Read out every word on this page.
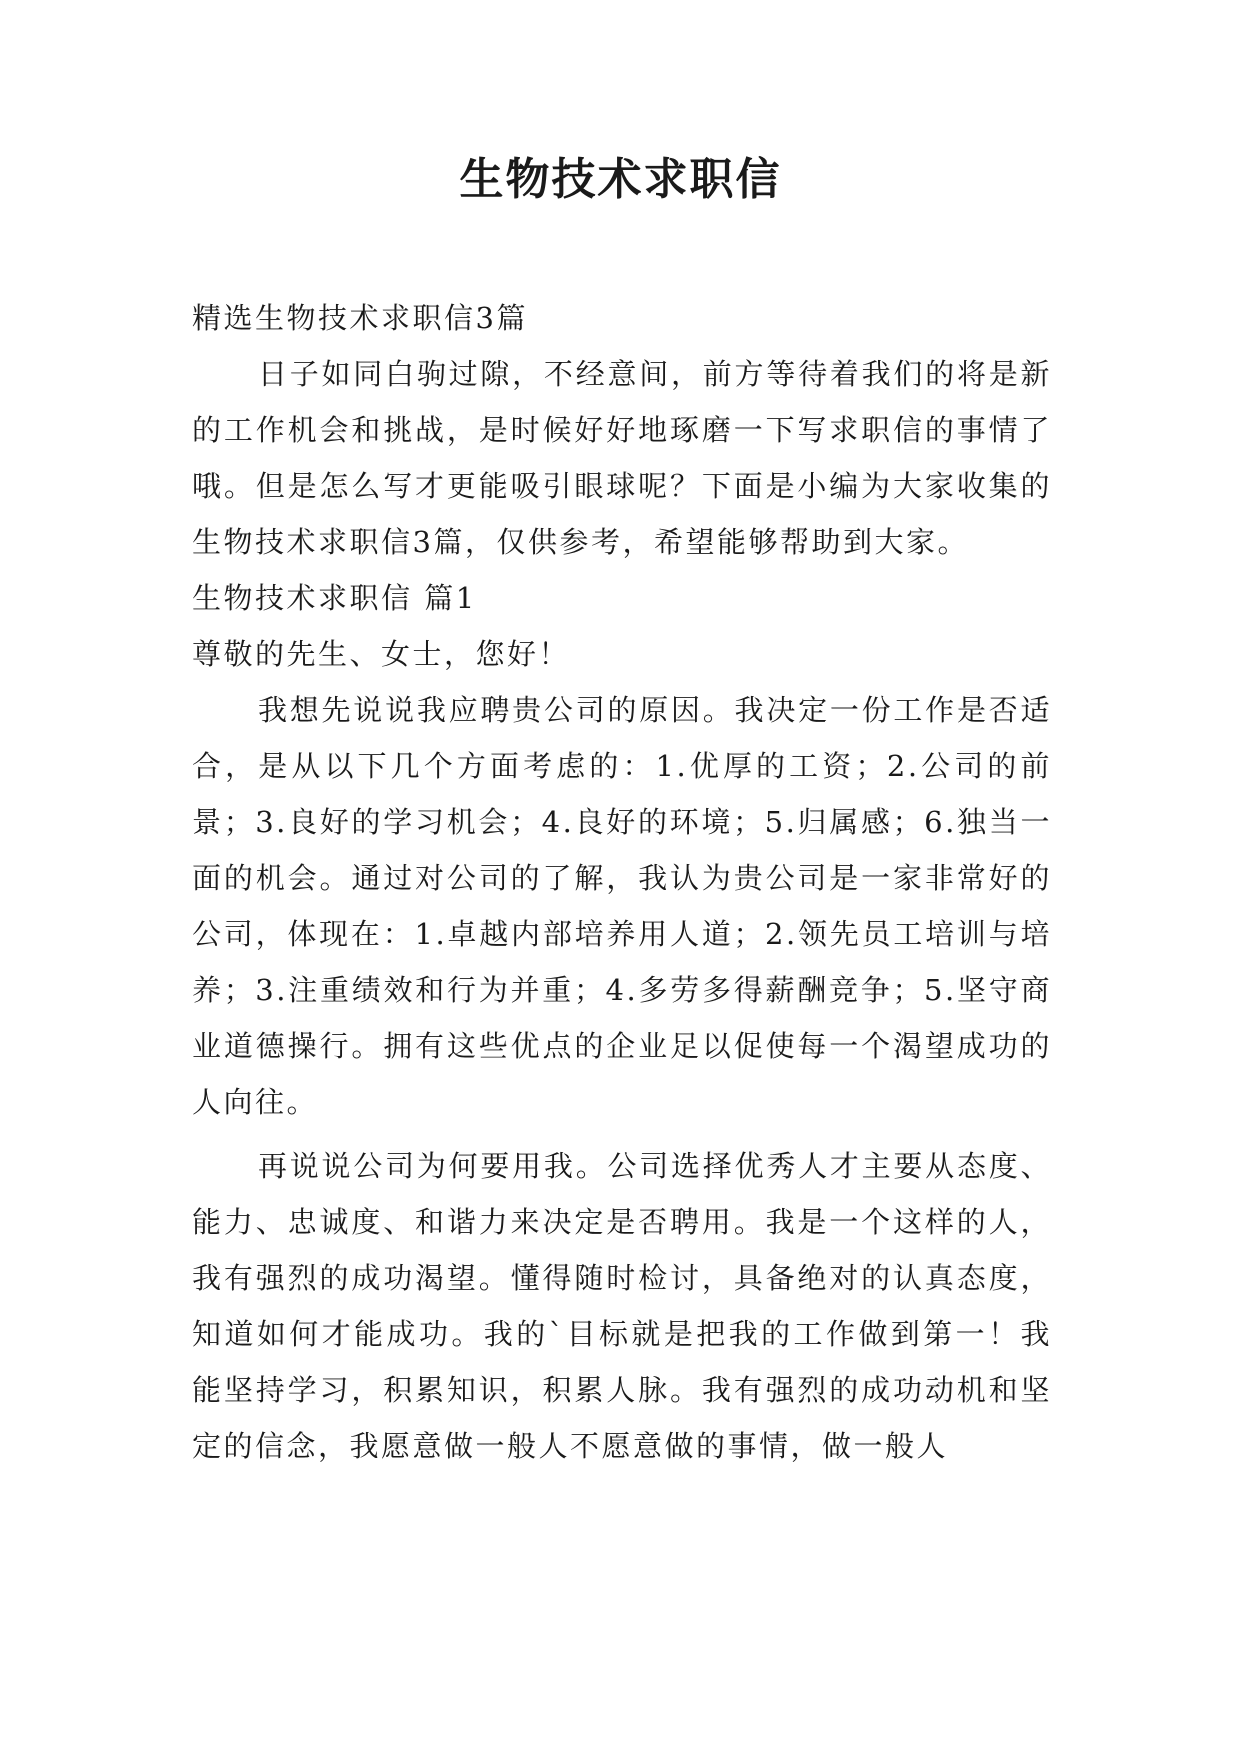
生物技术求职信

精选生物技术求职信3篇

日子如同白驹过隙，不经意间，前方等待着我们的将是新的工作机会和挑战，是时候好好地琢磨一下写求职信的事情了哦。但是怎么写才更能吸引眼球呢？下面是小编为大家收集的生物技术求职信3篇，仅供参考，希望能够帮助到大家。

生物技术求职信 篇1

尊敬的先生、女士，您好！

我想先说说我应聘贵公司的原因。我决定一份工作是否适合，是从以下几个方面考虑的：1.优厚的工资；2.公司的前景；3.良好的学习机会；4.良好的环境；5.归属感；6.独当一面的机会。通过对公司的了解，我认为贵公司是一家非常好的公司，体现在：1.卓越内部培养用人道；2.领先员工培训与培养；3.注重绩效和行为并重；4.多劳多得薪酬竞争；5.坚守商业道德操行。拥有这些优点的企业足以促使每一个渴望成功的人向往。

再说说公司为何要用我。公司选择优秀人才主要从态度、能力、忠诚度、和谐力来决定是否聘用。我是一个这样的人，我有强烈的成功渴望。懂得随时检讨，具备绝对的认真态度，知道如何才能成功。我的`目标就是把我的工作做到第一！我能坚持学习，积累知识，积累人脉。我有强烈的成功动机和坚定的信念，我愿意做一般人不愿意做的事情，做一般人
